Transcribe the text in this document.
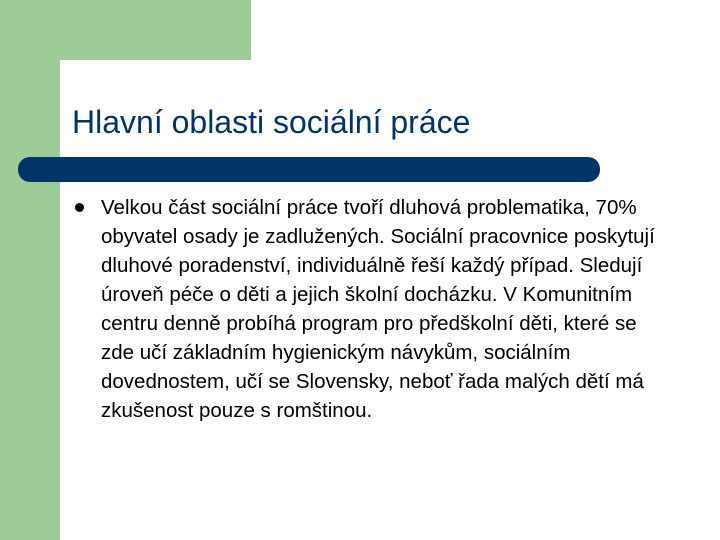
Hlavní oblasti sociální práce
Velkou část sociální práce tvoří dluhová problematika, 70% obyvatel osady je zadlužených. Sociální pracovnice poskytují dluhové poradenství, individuálně řeší každý případ. Sledují úroveň péče o děti a jejich školní docházku. V Komunitním centru denně probíhá program pro předškolní děti, které se zde učí základním hygienickým návykům, sociálním dovednostem, učí se Slovensky, neboť řada malých dětí má zkušenost pouze s romštinou.
